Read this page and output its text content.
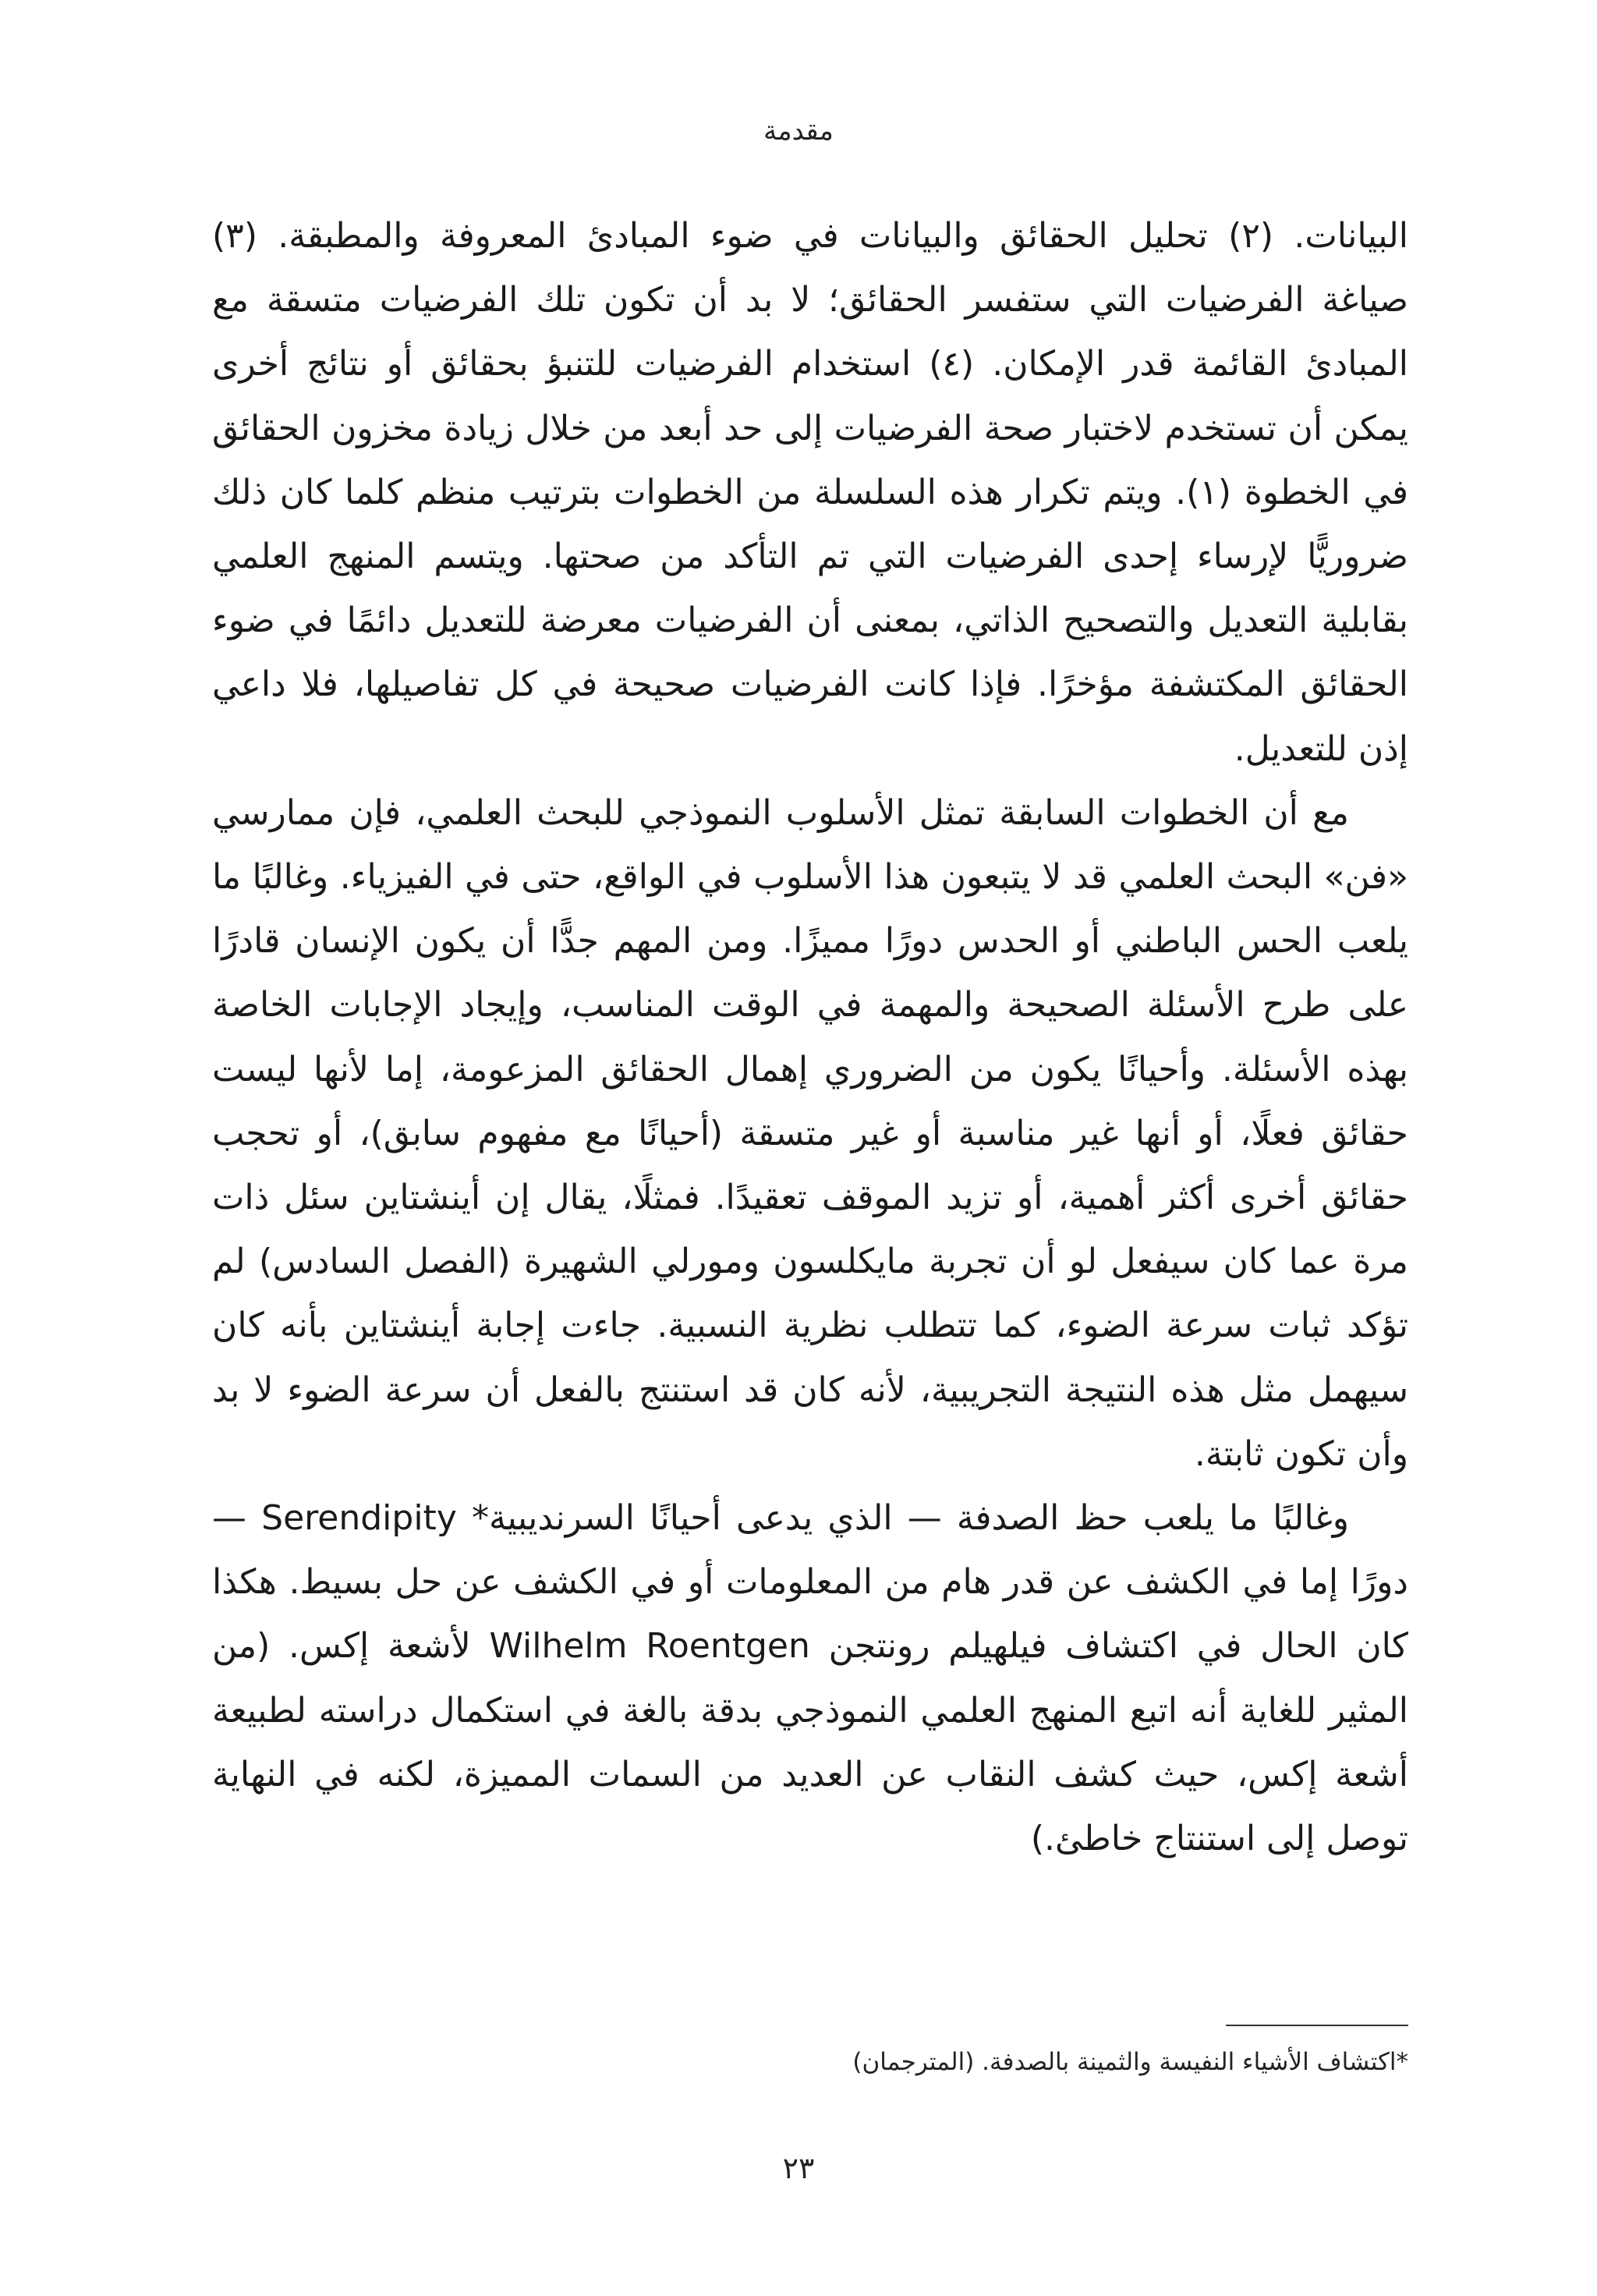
مقدمة

البيانات. (٢) تحليل الحقائق والبيانات في ضوء المبادئ المعروفة والمطبقة. (٣) صياغة الفرضيات التي ستفسر الحقائق؛ لا بد أن تكون تلك الفرضيات متسقة مع المبادئ القائمة قدر الإمكان. (٤) استخدام الفرضيات للتنبؤ بحقائق أو نتائج أخرى يمكن أن تستخدم لاختبار صحة الفرضيات إلى حد أبعد من خلال زيادة مخزون الحقائق في الخطوة (١). ويتم تكرار هذه السلسلة من الخطوات بترتيب منظم كلما كان ذلك ضروريًّا لإرساء إحدى الفرضيات التي تم التأكد من صحتها. ويتسم المنهج العلمي بقابلية التعديل والتصحيح الذاتي، بمعنى أن الفرضيات معرضة للتعديل دائمًا في ضوء الحقائق المكتشفة مؤخرًا. فإذا كانت الفرضيات صحيحة في كل تفاصيلها، فلا داعي إذن للتعديل.

مع أن الخطوات السابقة تمثل الأسلوب النموذجي للبحث العلمي، فإن ممارسي «فن» البحث العلمي قد لا يتبعون هذا الأسلوب في الواقع، حتى في الفيزياء. وغالبًا ما يلعب الحس الباطني أو الحدس دورًا مميزًا. ومن المهم جدًّا أن يكون الإنسان قادرًا على طرح الأسئلة الصحيحة والمهمة في الوقت المناسب، وإيجاد الإجابات الخاصة بهذه الأسئلة. وأحيانًا يكون من الضروري إهمال الحقائق المزعومة، إما لأنها ليست حقائق فعلًا، أو أنها غير مناسبة أو غير متسقة (أحيانًا مع مفهوم سابق)، أو تحجب حقائق أخرى أكثر أهمية، أو تزيد الموقف تعقيدًا. فمثلًا، يقال إن أينشتاين سئل ذات مرة عما كان سيفعل لو أن تجربة مايكلسون ومورلي الشهيرة (الفصل السادس) لم تؤكد ثبات سرعة الضوء، كما تتطلب نظرية النسبية. جاءت إجابة أينشتاين بأنه كان سيهمل مثل هذه النتيجة التجريبية، لأنه كان قد استنتج بالفعل أن سرعة الضوء لا بد وأن تكون ثابتة.

وغالبًا ما يلعب حظ الصدفة — الذي يدعى أحيانًا السرنديبية* Serendipity — دورًا إما في الكشف عن قدر هام من المعلومات أو في الكشف عن حل بسيط. هكذا كان الحال في اكتشاف فيلهيلم رونتجن Wilhelm Roentgen لأشعة إكس. (من المثير للغاية أنه اتبع المنهج العلمي النموذجي بدقة بالغة في استكمال دراسته لطبيعة أشعة إكس، حيث كشف النقاب عن العديد من السمات المميزة، لكنه في النهاية توصل إلى استنتاج خاطئ.)

*اكتشاف الأشياء النفيسة والثمينة بالصدفة. (المترجمان)
٢٣
